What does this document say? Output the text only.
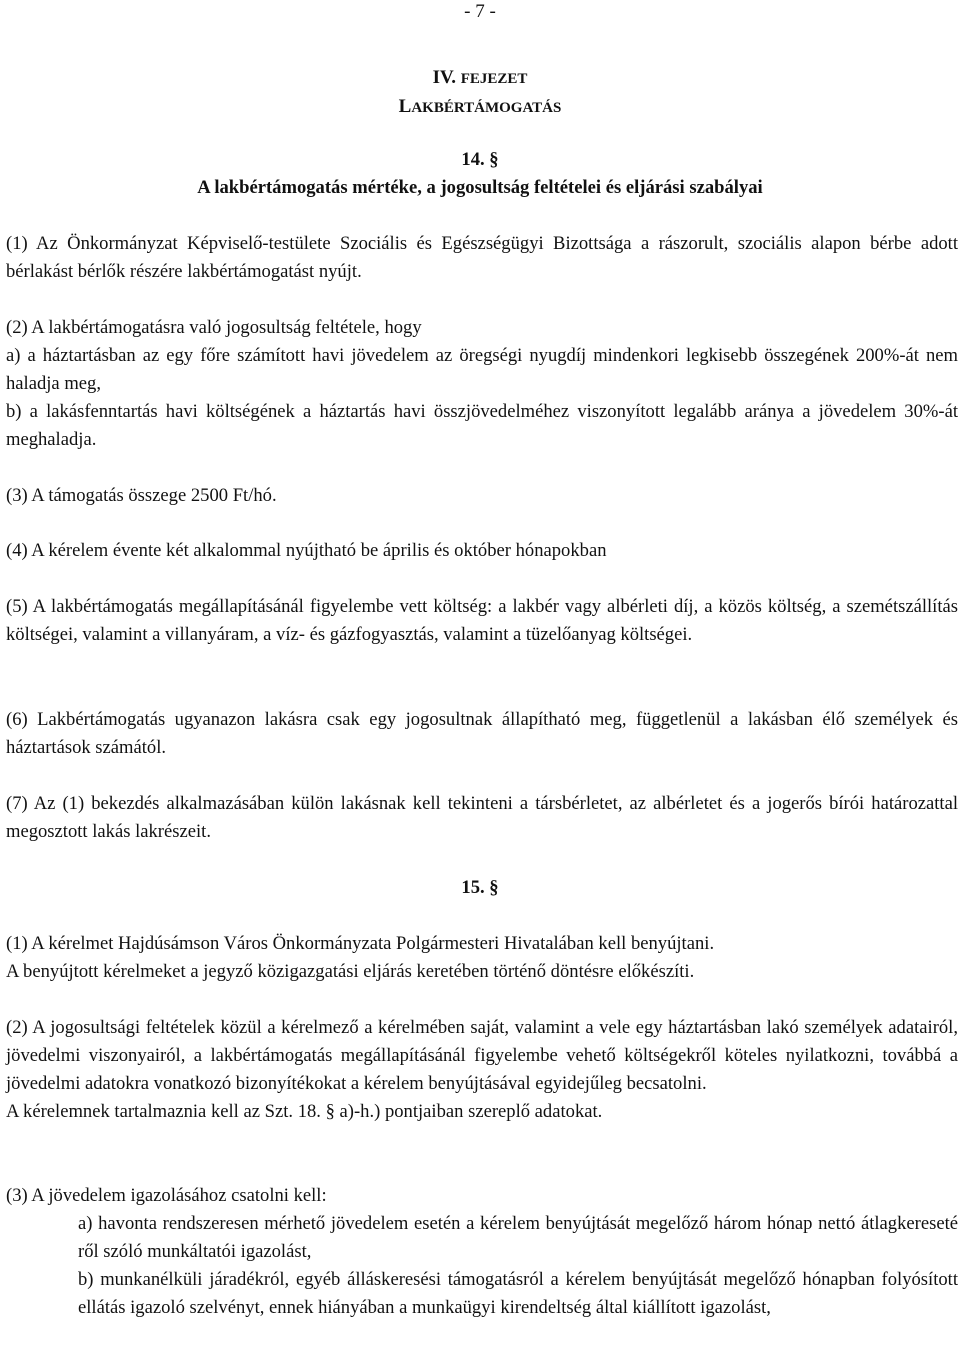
- 7 -
IV. FEJEZET
LAKBÉRTÁMOGATÁS
14. §
A lakbértámogatás mértéke, a jogosultság feltételei és eljárási szabályai

(1) Az Önkormányzat Képviselő-testülete Szociális és Egészségügyi Bizottsága a rászorult, szociális alapon bérbe adott bérlakást bérlők részére lakbértámogatást nyújt.

(2) A lakbértámogatásra való jogosultság feltétele, hogy

a) a háztartásban az egy főre számított havi jövedelem az öregségi nyugdíj mindenkori legkisebb összegének 200%-át nem haladja meg,

b) a lakásfenntartás havi költségének a háztartás havi összjövedelméhez viszonyított legalább aránya a jövedelem 30%-át meghaladja.

(3) A támogatás összege 2500 Ft/hó.

(4) A kérelem évente két alkalommal nyújtható be április és október hónapokban

(5) A lakbértámogatás megállapításánál figyelembe vett költség: a lakbér vagy albérleti díj, a közös költség, a szemétszállítás költségei, valamint a villanyáram, a víz- és gázfogyasztás, valamint a tüzelőanyag költségei.

(6) Lakbértámogatás ugyanazon lakásra csak egy jogosultnak állapítható meg, függetlenül a lakásban élő személyek és háztartások számától.

(7) Az (1) bekezdés alkalmazásában külön lakásnak kell tekinteni a társbérletet, az albérletet és a jogerős bírói határozattal megosztott lakás lakrészeit.

15. §

(1) A kérelmet Hajdúsámson Város Önkormányzata Polgármesteri Hivatalában kell benyújtani.

A benyújtott kérelmeket a jegyző közigazgatási eljárás keretében történő döntésre előkészíti.

(2) A jogosultsági feltételek közül a kérelmező a kérelmében saját, valamint a vele egy háztartásban lakó személyek adatairól, jövedelmi viszonyairól, a lakbértámogatás megállapításánál figyelembe vehető költségekről köteles nyilatkozni, továbbá a jövedelmi adatokra vonatkozó bizonyítékokat a kérelem benyújtásával egyidejűleg becsatolni.

A kérelemnek tartalmaznia kell az Szt. 18. § a)-h.) pontjaiban szereplő adatokat.

(3) A jövedelem igazolásához csatolni kell:

a) havonta rendszeresen mérhető jövedelem esetén a kérelem benyújtását megelőző három hónap nettó átlagkereseté​ről szóló munkáltatói igazolást,

b) munkanélküli járadékról, egyéb álláskeresési támogatásról a kérelem benyújtását megelőző hónapban folyósított ellátás igazoló szelvényt, ennek hiányában a munkaügyi kirendeltség által kiállított igazolást,
